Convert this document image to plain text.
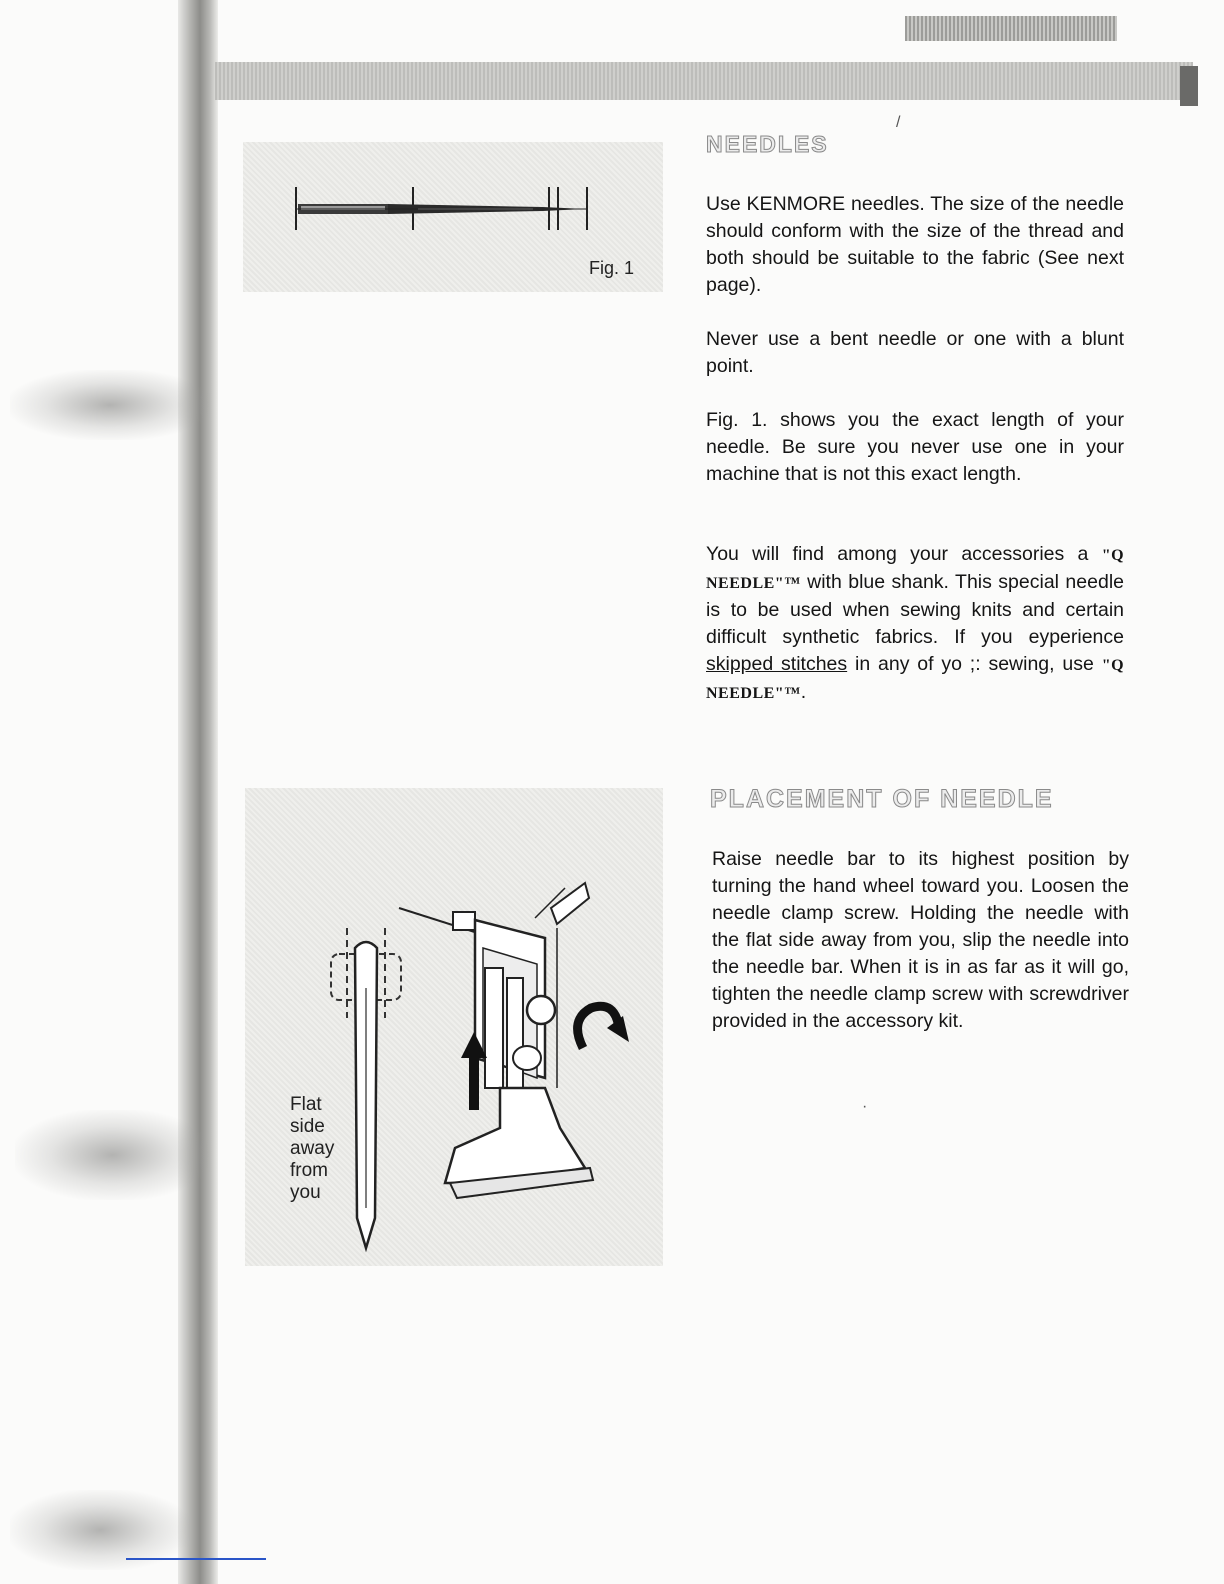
/
Fig. 1
Flat
side
away
from
you
NEEDLES

Use KENMORE needles. The size of the needle should conform with the size of the thread and both should be suitable to the fabric (See next page).

Never use a bent needle or one with a blunt point.

Fig. 1. shows you the exact length of your needle. Be sure you never use one in your machine that is not this exact length.

You will find among your accessories a "Q NEEDLE"™ with blue shank. This special needle is to be used when sewing knits and certain difficult synthetic fabrics. If you eyperience skipped stitches in any of yo ;: sewing, use "Q NEEDLE"™.

PLACEMENT OF NEEDLE

Raise needle bar to its highest position by turning the hand wheel toward you. Loosen the needle clamp screw. Holding the needle with the flat side away from you, slip the needle into the needle bar. When it is in as far as it will go, tighten the needle clamp screw with screwdriver provided in the accessory kit.

·
